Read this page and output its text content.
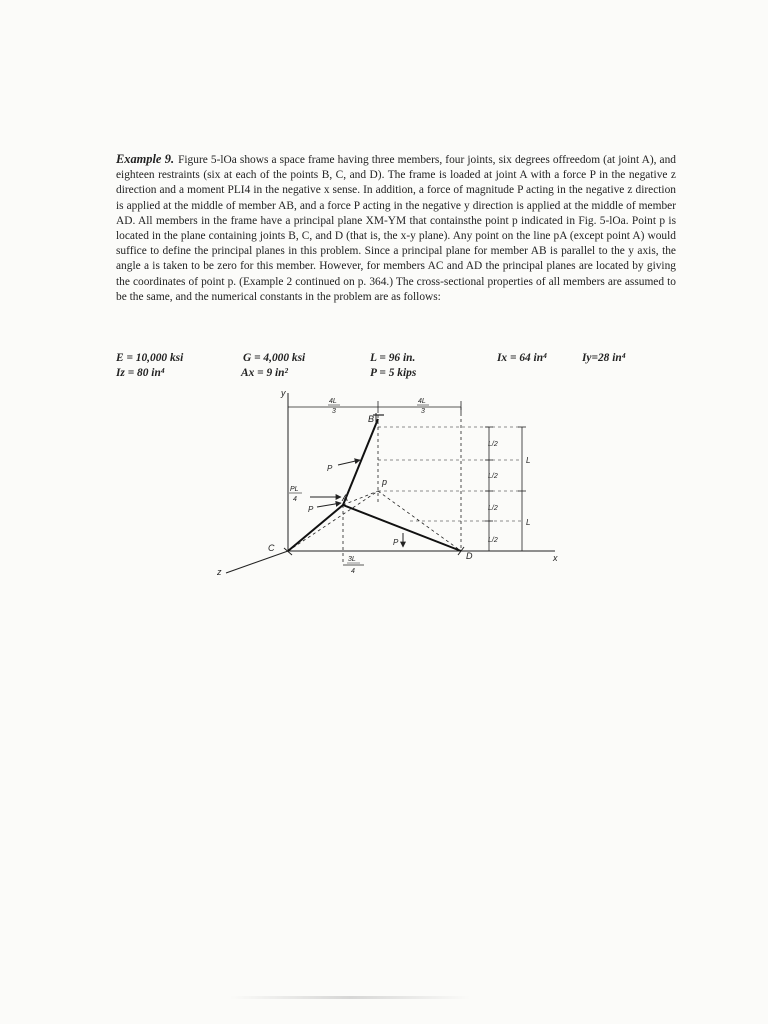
Example 9. Figure 5-lOa shows a space frame having three members, four joints, six degrees offreedom (at joint A), and eighteen restraints (six at each of the points B, C, and D). The frame is loaded at joint A with a force P in the negative z direction and a moment PLI4 in the negative x sense. In addition, a force of magnitude P acting in the negative z direction is applied at the middle of member AB, and a force P acting in the negative y direction is applied at the middle of member AD. All members in the frame have a principal plane XM-YM that containsthe point p indicated in Fig. 5-lOa. Point p is located in the plane containing joints B, C, and D (that is, the x-y plane). Any point on the line pA (except point A) would suffice to define the principal planes in this problem. Since a principal plane for member AB is parallel to the y axis, the angle a is taken to be zero for this member. However, for members AC and AD the principal planes are located by giving the coordinates of point p. (Example 2 continued on p. 364.) The cross-sectional properties of all members are assumed to be the same, and the numerical constants in the problem are as follows:
E = 10,000 ksi	G = 4,000 ksi	L = 96 in.	Ix = 64 in⁴	Iy=28 in⁴
Iz = 80 in⁴	Ax = 9 in²	P = 5 kips
y
x
z
4L
3
4L
3
L/2
L/2
L/2
L/2
L
L
A
B
C
D
p
P
PL
4
P
P
3L
4
